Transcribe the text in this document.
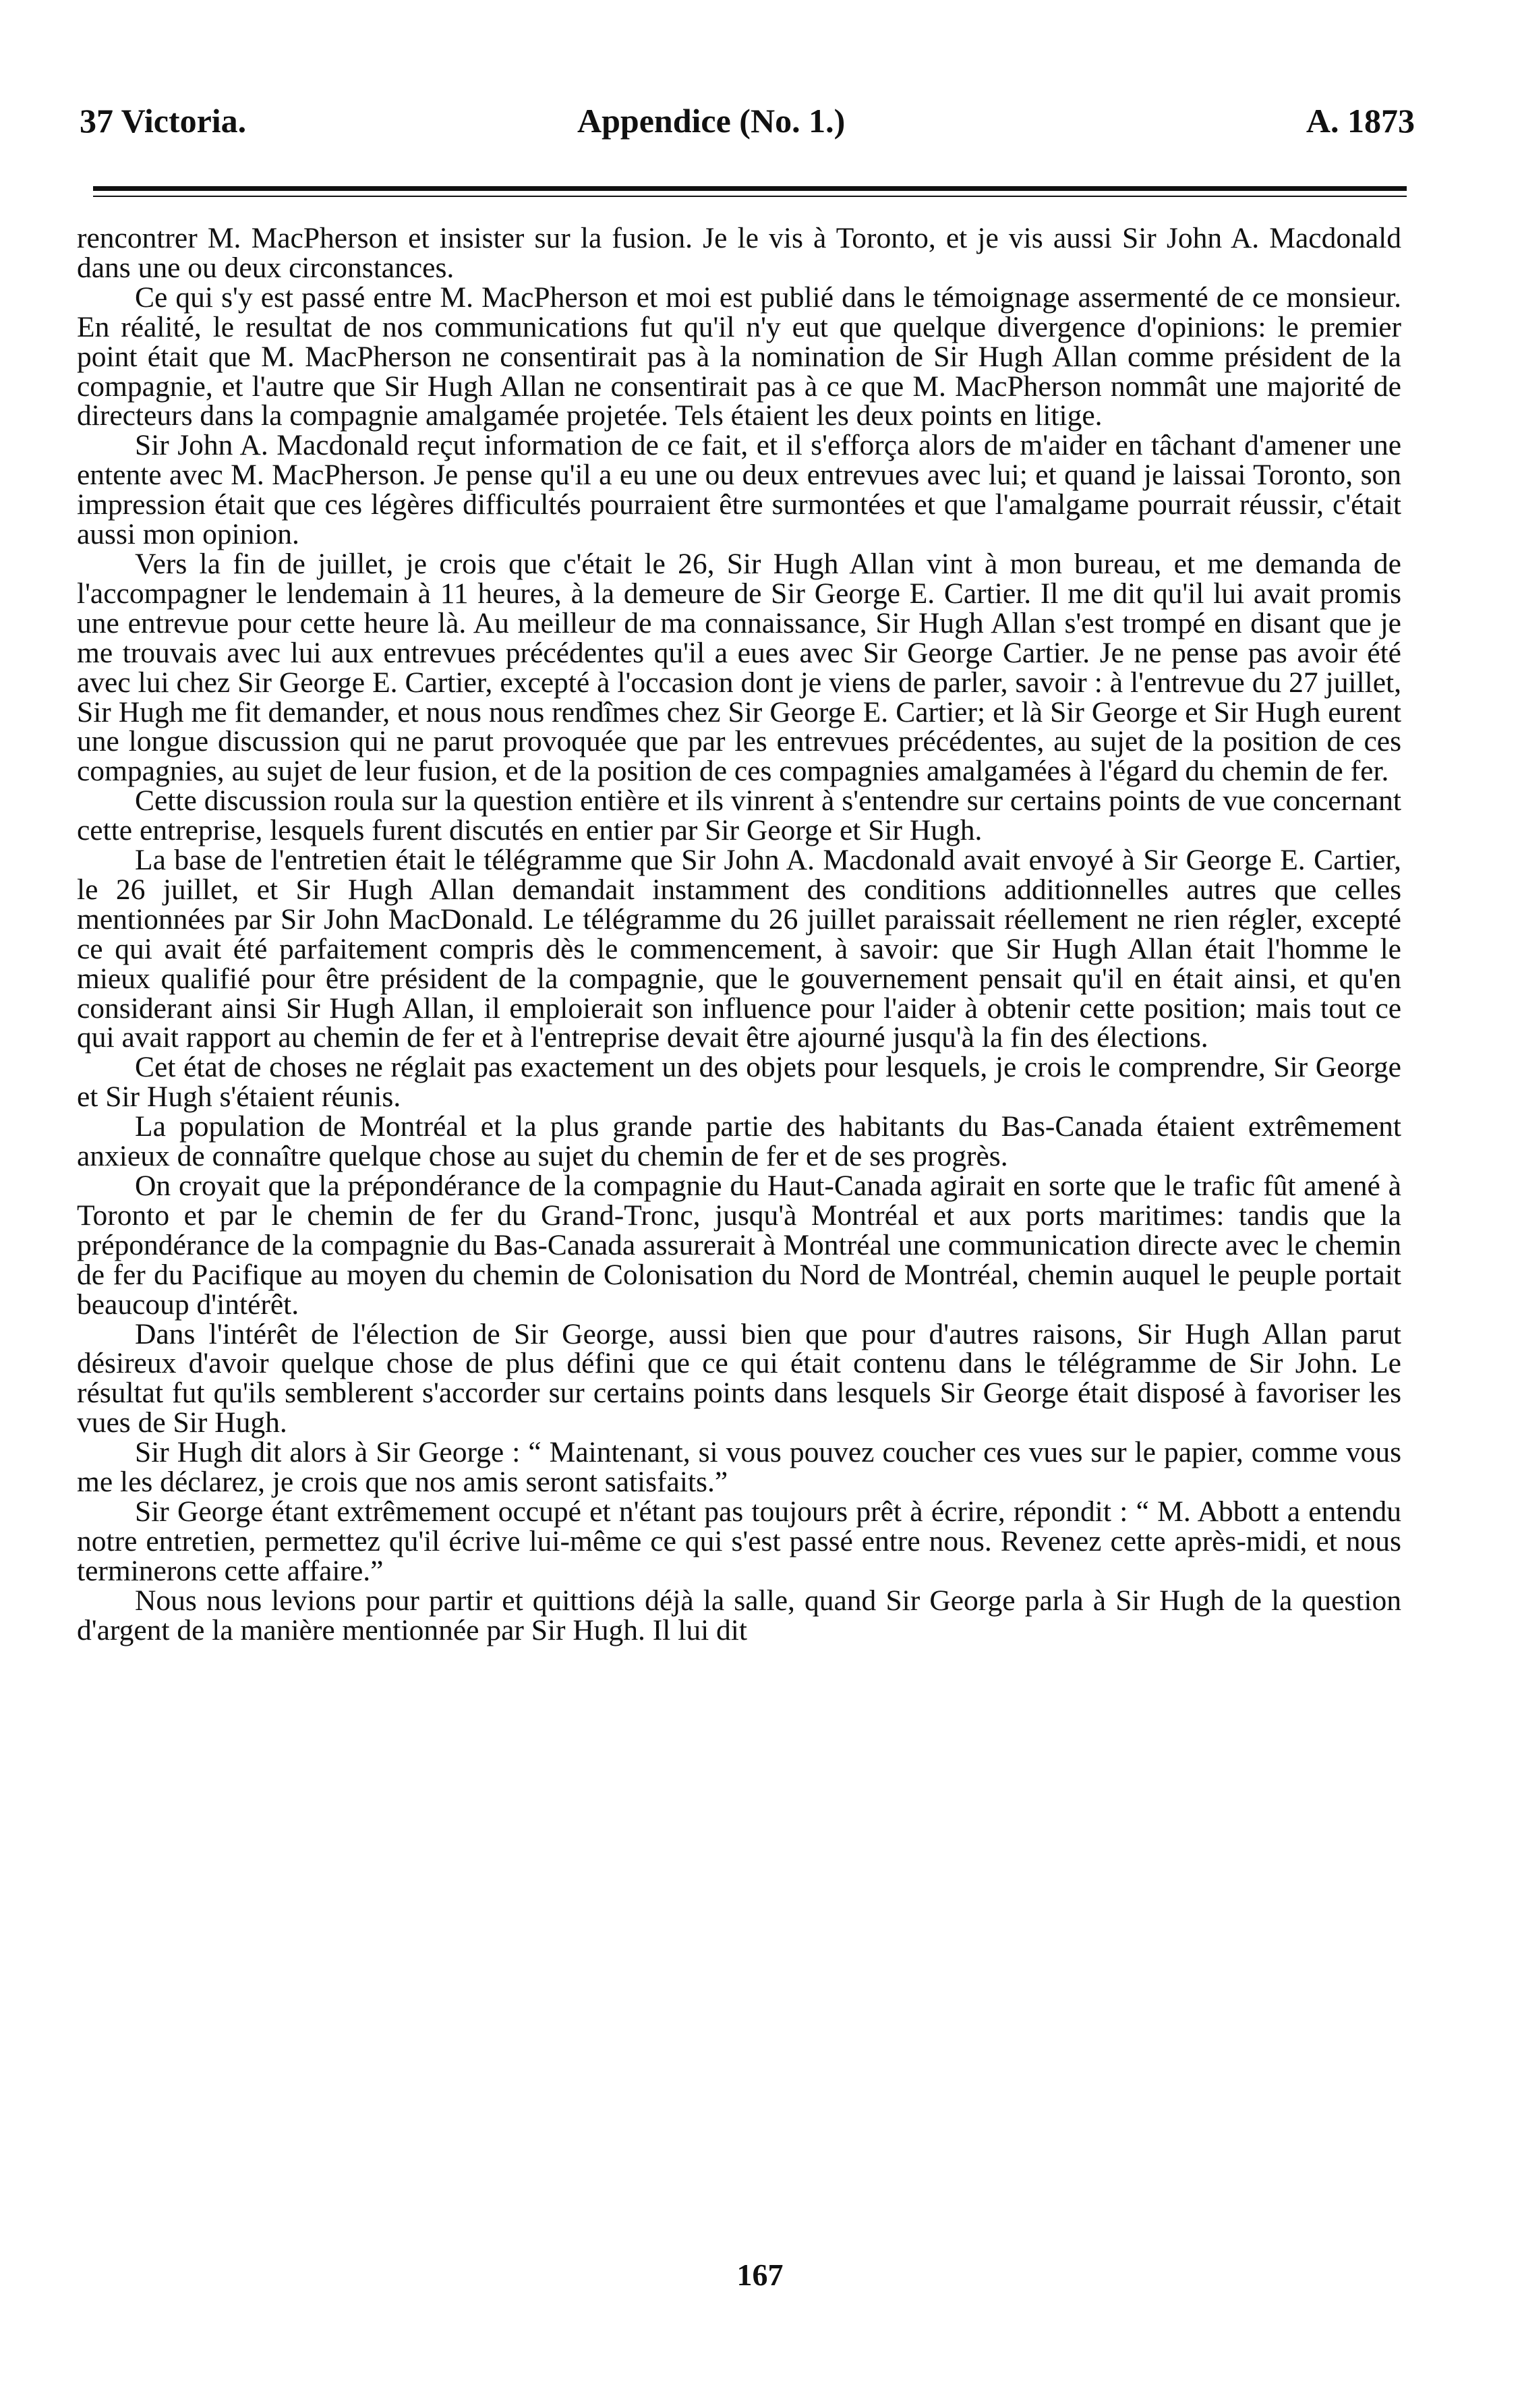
37 Victoria.	Appendice (No. 1.)	A. 1873

rencontrer M. MacPherson et insister sur la fusion. Je le vis à Toronto, et je vis aussi Sir John A. Macdonald dans une ou deux circonstances.

Ce qui s'y est passé entre M. MacPherson et moi est publié dans le témoignage assermenté de ce monsieur. En réalité, le resultat de nos communications fut qu'il n'y eut que quelque divergence d'opinions: le premier point était que M. MacPherson ne consentirait pas à la nomination de Sir Hugh Allan comme président de la compagnie, et l'autre que Sir Hugh Allan ne consentirait pas à ce que M. MacPherson nommât une majorité de directeurs dans la compagnie amalgamée projetée. Tels étaient les deux points en litige.

Sir John A. Macdonald reçut information de ce fait, et il s'efforça alors de m'aider en tâchant d'amener une entente avec M. MacPherson. Je pense qu'il a eu une ou deux entrevues avec lui; et quand je laissai Toronto, son impression était que ces légères difficultés pourraient être surmontées et que l'amalgame pourrait réussir, c'était aussi mon opinion.

Vers la fin de juillet, je crois que c'était le 26, Sir Hugh Allan vint à mon bureau, et me demanda de l'accompagner le lendemain à 11 heures, à la demeure de Sir George E. Cartier. Il me dit qu'il lui avait promis une entrevue pour cette heure là. Au meilleur de ma connaissance, Sir Hugh Allan s'est trompé en disant que je me trouvais avec lui aux entrevues précédentes qu'il a eues avec Sir George Cartier. Je ne pense pas avoir été avec lui chez Sir George E. Cartier, excepté à l'occasion dont je viens de parler, savoir : à l'entrevue du 27 juillet, Sir Hugh me fit demander, et nous nous rendîmes chez Sir George E. Cartier; et là Sir George et Sir Hugh eurent une longue discussion qui ne parut provoquée que par les entrevues précédentes, au sujet de la position de ces compagnies, au sujet de leur fusion, et de la position de ces compagnies amalgamées à l'égard du chemin de fer.

Cette discussion roula sur la question entière et ils vinrent à s'entendre sur certains points de vue concernant cette entreprise, lesquels furent discutés en entier par Sir George et Sir Hugh.

La base de l'entretien était le télégramme que Sir John A. Macdonald avait envoyé à Sir George E. Cartier, le 26 juillet, et Sir Hugh Allan demandait instamment des conditions additionnelles autres que celles mentionnées par Sir John MacDonald. Le télégramme du 26 juillet paraissait réellement ne rien régler, excepté ce qui avait été parfaitement compris dès le commencement, à savoir: que Sir Hugh Allan était l'homme le mieux qualifié pour être président de la compagnie, que le gouvernement pensait qu'il en était ainsi, et qu'en considerant ainsi Sir Hugh Allan, il emploierait son influence pour l'aider à obtenir cette position; mais tout ce qui avait rapport au chemin de fer et à l'entreprise devait être ajourné jusqu'à la fin des élections.

Cet état de choses ne réglait pas exactement un des objets pour lesquels, je crois le comprendre, Sir George et Sir Hugh s'étaient réunis.

La population de Montréal et la plus grande partie des habitants du Bas-Canada étaient extrêmement anxieux de connaître quelque chose au sujet du chemin de fer et de ses progrès.

On croyait que la prépondérance de la compagnie du Haut-Canada agirait en sorte que le trafic fût amené à Toronto et par le chemin de fer du Grand-Tronc, jusqu'à Montréal et aux ports maritimes: tandis que la prépondérance de la compagnie du Bas-Canada assurerait à Montréal une communication directe avec le chemin de fer du Pacifique au moyen du chemin de Colonisation du Nord de Montréal, chemin auquel le peuple portait beaucoup d'intérêt.

Dans l'intérêt de l'élection de Sir George, aussi bien que pour d'autres raisons, Sir Hugh Allan parut désireux d'avoir quelque chose de plus défini que ce qui était contenu dans le télégramme de Sir John. Le résultat fut qu'ils semblerent s'accorder sur certains points dans lesquels Sir George était disposé à favoriser les vues de Sir Hugh.

Sir Hugh dit alors à Sir George : “ Maintenant, si vous pouvez coucher ces vues sur le papier, comme vous me les déclarez, je crois que nos amis seront satisfaits.”

Sir George étant extrêmement occupé et n'étant pas toujours prêt à écrire, répondit : “ M. Abbott a entendu notre entretien, permettez qu'il écrive lui-même ce qui s'est passé entre nous. Revenez cette après-midi, et nous terminerons cette affaire.”

Nous nous levions pour partir et quittions déjà la salle, quand Sir George parla à Sir Hugh de la question d'argent de la manière mentionnée par Sir Hugh. Il lui dit

167
